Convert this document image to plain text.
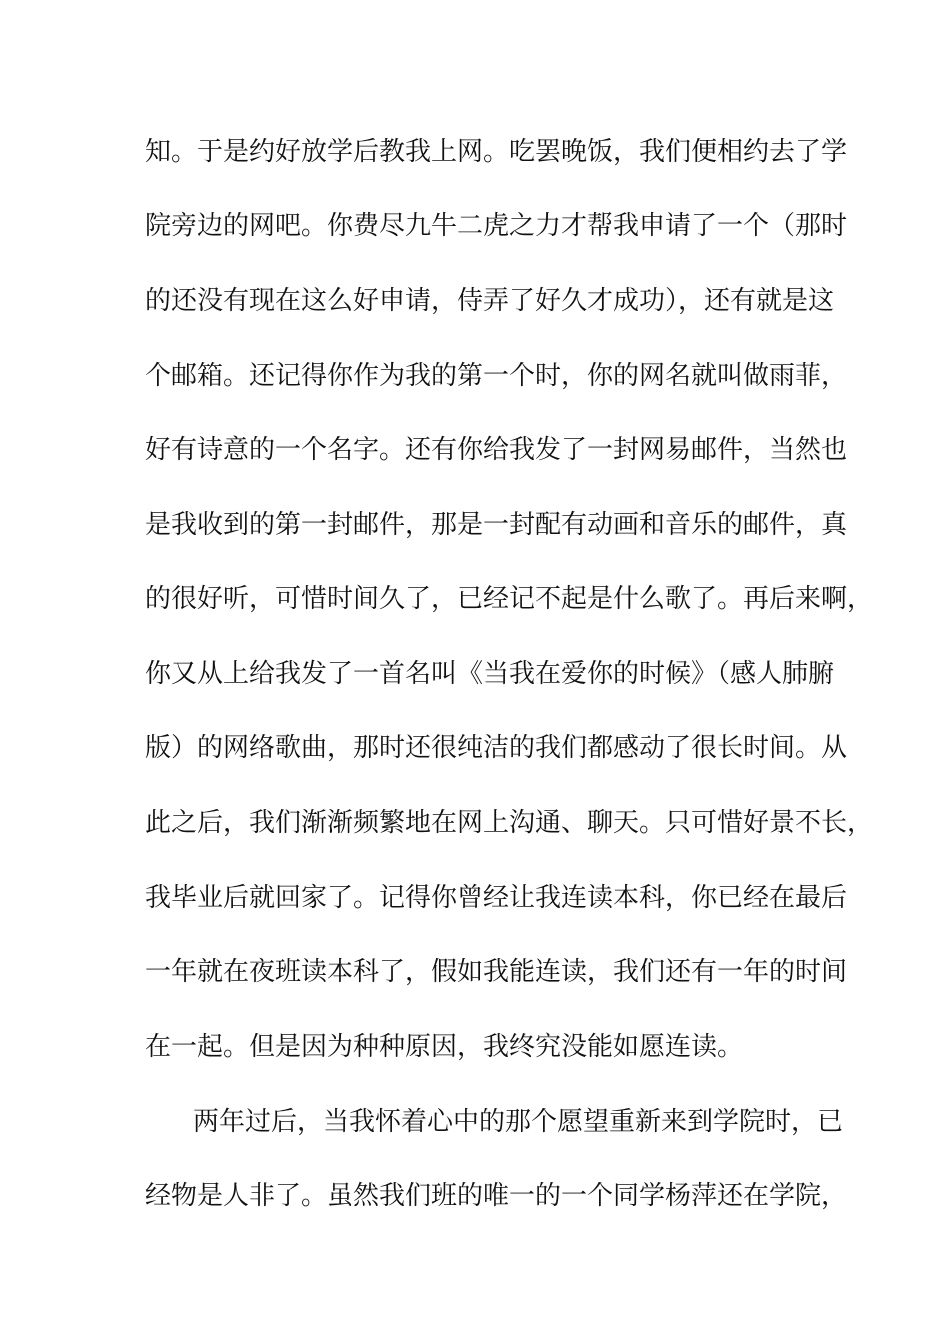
知。于是约好放学后教我上网。吃罢晚饭，我们便相约去了学
院旁边的网吧。你费尽九牛二虎之力才帮我申请了一个（那时
的还没有现在这么好申请，侍弄了好久才成功），还有就是这
个邮箱。还记得你作为我的第一个时，你的网名就叫做雨菲，
好有诗意的一个名字。还有你给我发了一封网易邮件，当然也
是我收到的第一封邮件，那是一封配有动画和音乐的邮件，真
的很好听，可惜时间久了，已经记不起是什么歌了。再后来啊，
你又从上给我发了一首名叫《当我在爱你的时候》（感人肺腑
版）的网络歌曲，那时还很纯洁的我们都感动了很长时间。从
此之后，我们渐渐频繁地在网上沟通、聊天。只可惜好景不长，
我毕业后就回家了。记得你曾经让我连读本科，你已经在最后
一年就在夜班读本科了，假如我能连读，我们还有一年的时间
在一起。但是因为种种原因，我终究没能如愿连读。
两年过后，当我怀着心中的那个愿望重新来到学院时，已
经物是人非了。虽然我们班的唯一的一个同学杨萍还在学院，
